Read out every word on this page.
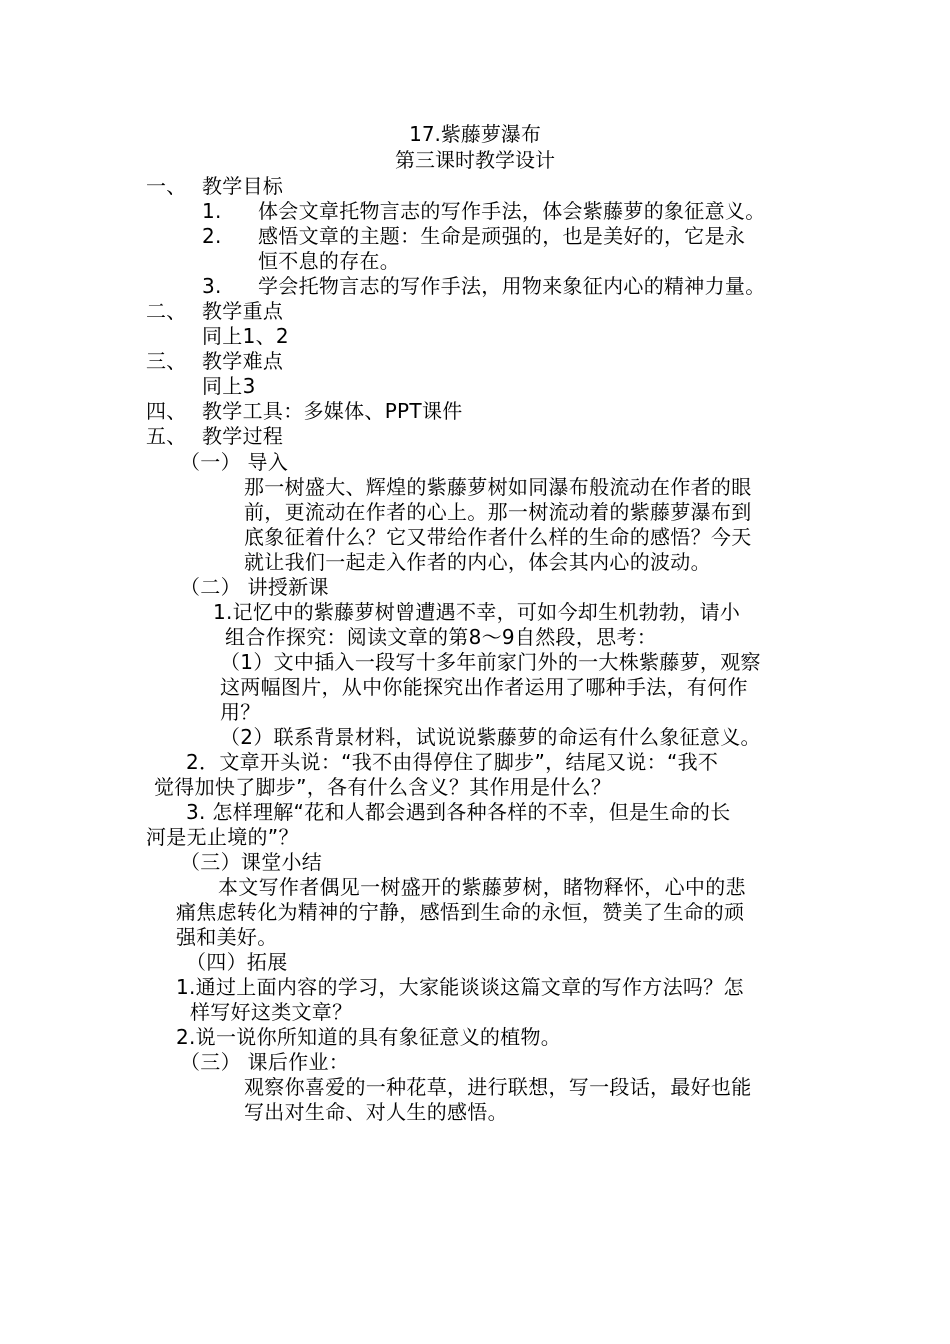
17.紫藤萝瀑布
第三课时教学设计
一、 教学目标
1. 体会文章托物言志的写作手法，体会紫藤萝的象征意义。
2. 感悟文章的主题：生命是顽强的，也是美好的，它是永
恒不息的存在。
3. 学会托物言志的写作手法，用物来象征内心的精神力量。
二、 教学重点
同上1、2
三、 教学难点
同上3
四、 教学工具：多媒体、PPT课件
五、 教学过程
（一） 导入
那一树盛大、辉煌的紫藤萝树如同瀑布般流动在作者的眼
前，更流动在作者的心上。那一树流动着的紫藤萝瀑布到
底象征着什么？它又带给作者什么样的生命的感悟？今天
就让我们一起走入作者的内心，体会其内心的波动。
（二） 讲授新课
1.记忆中的紫藤萝树曾遭遇不幸，可如今却生机勃勃，请小
组合作探究：阅读文章的第8～9自然段，思考：
（1）文中插入一段写十多年前家门外的一大株紫藤萝，观察
这两幅图片，从中你能探究出作者运用了哪种手法，有何作
用？
（2）联系背景材料，试说说紫藤萝的命运有什么象征意义。
2．文章开头说：“我不由得停住了脚步”，结尾又说：“我不
觉得加快了脚步”，各有什么含义？其作用是什么？
3. 怎样理解“花和人都会遇到各种各样的不幸，但是生命的长
河是无止境的”？
（三）课堂小结
本文写作者偶见一树盛开的紫藤萝树，睹物释怀，心中的悲
痛焦虑转化为精神的宁静，感悟到生命的永恒，赞美了生命的顽
强和美好。
（四）拓展
1.通过上面内容的学习，大家能谈谈这篇文章的写作方法吗？怎
样写好这类文章？
2.说一说你所知道的具有象征意义的植物。
（三） 课后作业：
观察你喜爱的一种花草，进行联想，写一段话，最好也能
写出对生命、对人生的感悟。
